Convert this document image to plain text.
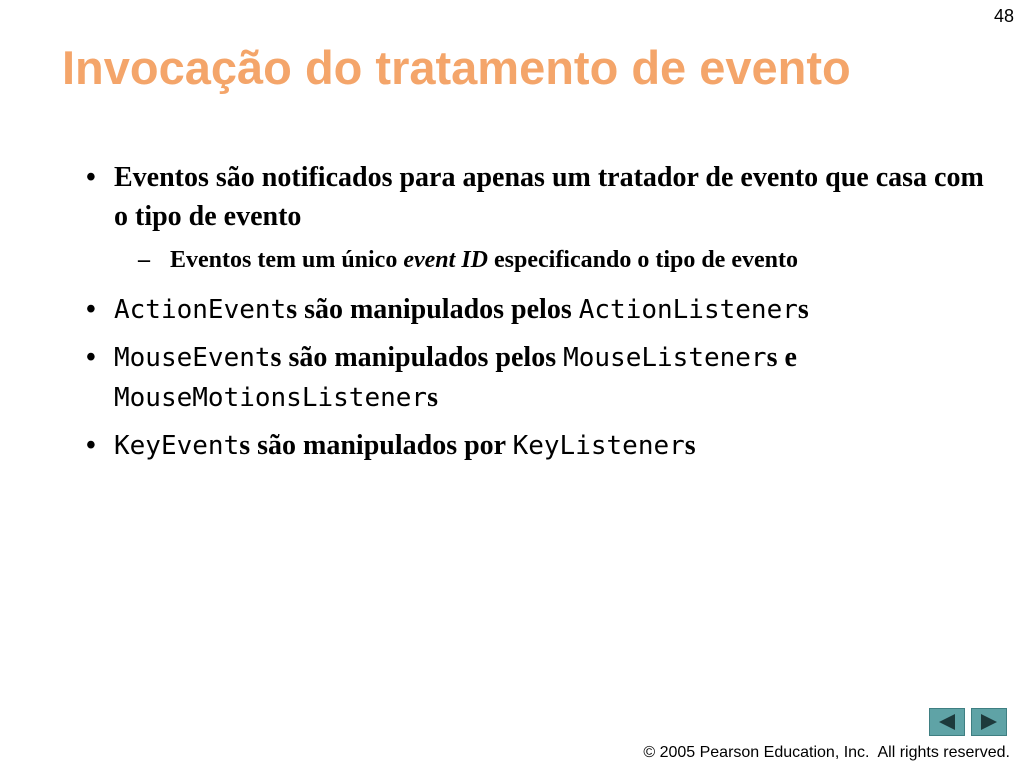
48
Invocação do tratamento de evento
• Eventos são notificados para apenas um tratador de evento que casa com o tipo de evento
– Eventos tem um único event ID especificando o tipo de evento
• ActionEvents são manipulados pelos ActionListeners
• MouseEvents são manipulados pelos MouseListeners e MouseMotionsListeners
• KeyEvents são manipulados por KeyListeners
© 2005 Pearson Education, Inc.  All rights reserved.
